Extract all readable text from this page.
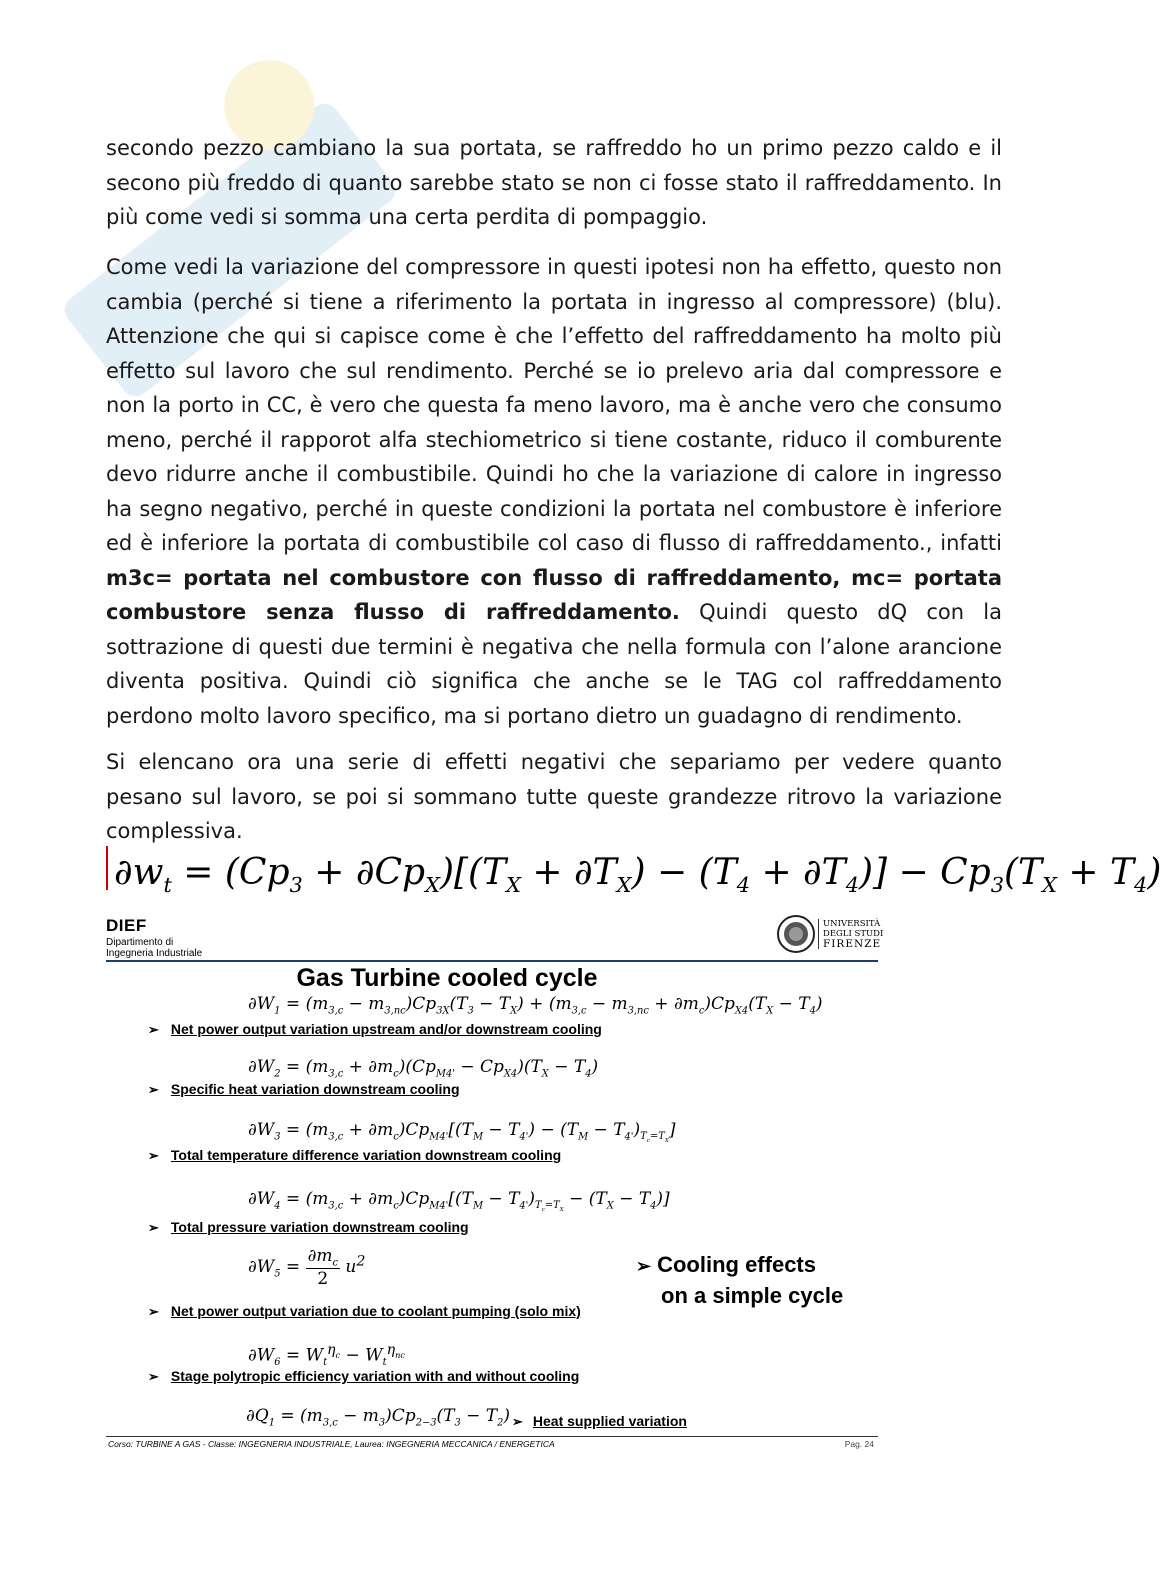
secondo pezzo cambiano la sua portata, se raffreddo ho un primo pezzo caldo e il secono più freddo di quanto sarebbe stato se non ci fosse stato il raffreddamento. In più come vedi si somma una certa perdita di pompaggio.

Come vedi la variazione del compressore in questi ipotesi non ha effetto, questo non cambia (perché si tiene a riferimento la portata in ingresso al compressore) (blu). Attenzione che qui si capisce come è che l’effetto del raffreddamento ha molto più effetto sul lavoro che sul rendimento. Perché se io prelevo aria dal compressore e non la porto in CC, è vero che questa fa meno lavoro, ma è anche vero che consumo meno, perché il rapporot alfa stechiometrico si tiene costante, riduco il comburente devo ridurre anche il combustibile. Quindi ho che la variazione di calore in ingresso ha segno negativo, perché in queste condizioni la portata nel combustore è inferiore ed è inferiore la portata di combustibile col caso di flusso di raffreddamento., infatti m3c= portata nel combustore con flusso di raffreddamento, mc= portata combustore senza flusso di raffreddamento. Quindi questo dQ con la sottrazione di questi due termini è negativa che nella formula con l’alone arancione diventa positiva. Quindi ciò significa che anche se le TAG col raffreddamento perdono molto lavoro specifico, ma si portano dietro un guadagno di rendimento.

Si elencano ora una serie di effetti negativi che separiamo per vedere quanto pesano sul lavoro, se poi si sommano tutte queste grandezze ritrovo la variazione complessiva.

$\partial w_t = (Cp_3 + \partial Cp_X)[(T_X + \partial T_X) - (T_4 + \partial T_4)] - Cp_3(T_X + T_4)$
DIEF
Dipartimento di
Ingegneria Industriale
UNIVERSITÀ
DEGLI STUDI
FIRENZE
Gas Turbine cooled cycle
$\partial W_1 = (m_{3,c} - m_{3,nc})Cp_{3X}(T_3 - T_X) + (m_{3,c} - m_{3,nc} + \partial m_c)Cp_{X4}(T_X - T_4)$
➢ Net power output variation upstream and/or downstream cooling
$\partial W_2 = (m_{3,c} + \partial m_c)(Cp_{M4'} - Cp_{X4})(T_X - T_4)$
➢ Specific heat variation downstream cooling
$\partial W_3 = (m_{3,c} + \partial m_c)Cp_{M4'}[(T_M - T_{4'}) - (T_M - T_{4'})_{T_c=T_X}]$
➢ Total temperature difference variation downstream cooling
$\partial W_4 = (m_{3,c} + \partial m_c)Cp_{M4'}[(T_M - T_{4'})_{T_c=T_X} - (T_X - T_4)]$
➢ Total pressure variation downstream cooling
$\partial W_5 = \frac{\partial m_c}{2} u^2$
➢ Net power output variation due to coolant pumping (solo mix)
$\partial W_6 = W_t^{\eta_c} - W_t^{\eta_{nc}}$
➢ Stage polytropic efficiency variation with and without cooling
$\partial Q_1 = (m_{3,c} - m_3)Cp_{2-3}(T_3 - T_2)$ ➢ Heat supplied variation
➢ Cooling effects
on a simple cycle
Corso: TURBINE A GAS - Classe: INGEGNERIA INDUSTRIALE, Laurea: INGEGNERIA MECCANICA / ENERGETICA	Pag. 24
